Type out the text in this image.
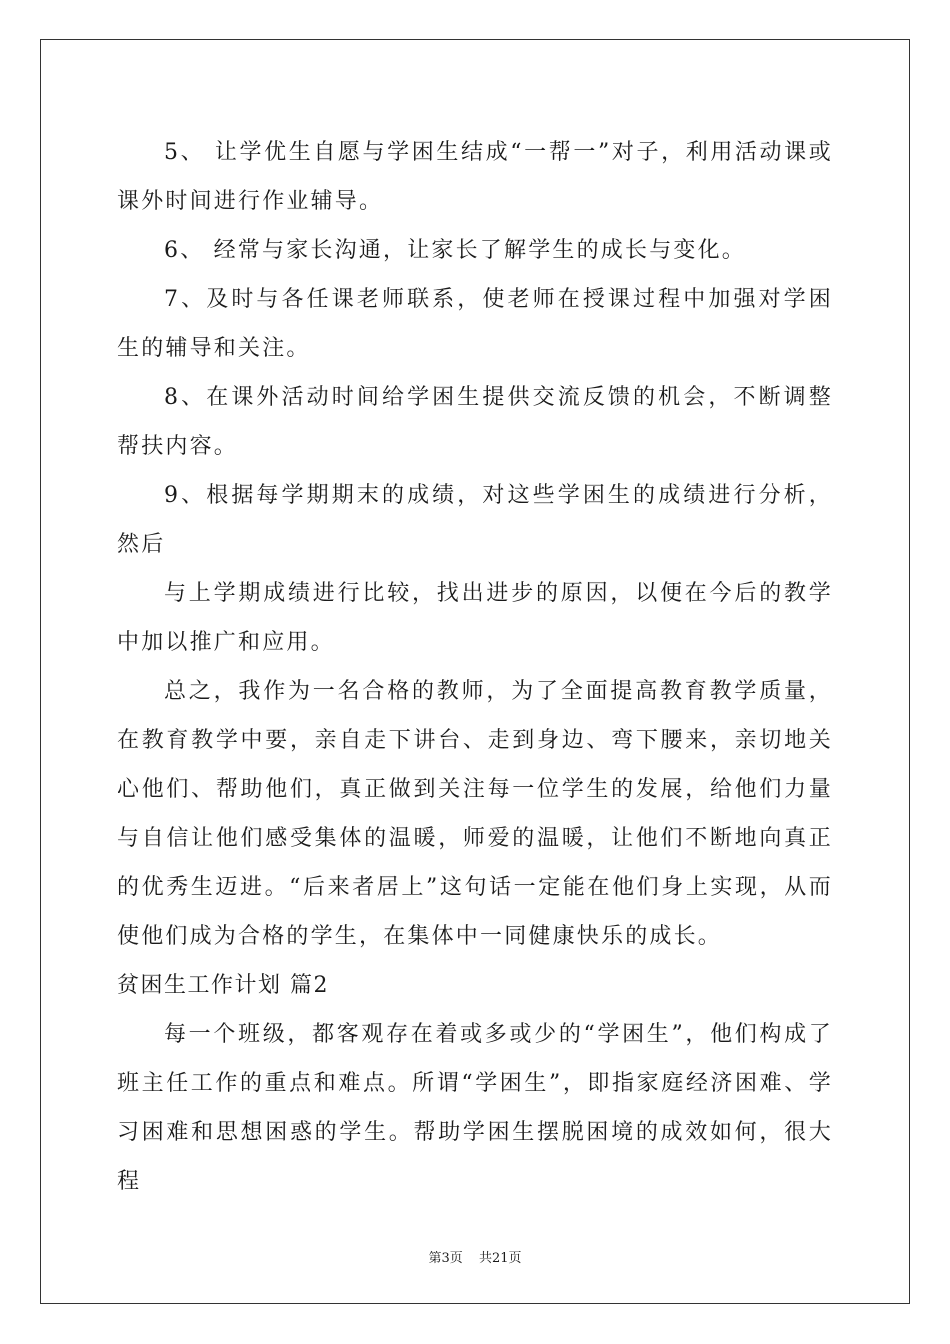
5、 让学优生自愿与学困生结成“一帮一”对子，利用活动课或课外时间进行作业辅导。

6、 经常与家长沟通，让家长了解学生的成长与变化。

7、及时与各任课老师联系，使老师在授课过程中加强对学困生的辅导和关注。

8、在课外活动时间给学困生提供交流反馈的机会，不断调整帮扶内容。

9、根据每学期期末的成绩，对这些学困生的成绩进行分析，然后

与上学期成绩进行比较，找出进步的原因，以便在今后的教学中加以推广和应用。

总之，我作为一名合格的教师，为了全面提高教育教学质量，在教育教学中要，亲自走下讲台、走到身边、弯下腰来，亲切地关心他们、帮助他们，真正做到关注每一位学生的发展，给他们力量与自信让他们感受集体的温暖，师爱的温暖，让他们不断地向真正的优秀生迈进。“后来者居上”这句话一定能在他们身上实现，从而使他们成为合格的学生，在集体中一同健康快乐的成长。

贫困生工作计划 篇2

每一个班级，都客观存在着或多或少的“学困生”，他们构成了班主任工作的重点和难点。所谓“学困生”，即指家庭经济困难、学习困难和思想困惑的学生。帮助学困生摆脱困境的成效如何，很大程

第3页 共21页
